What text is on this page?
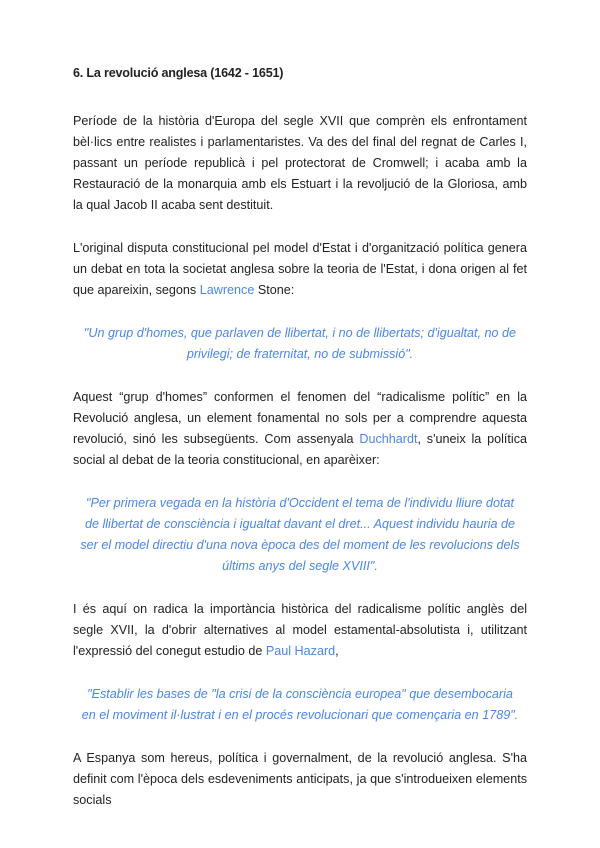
6. La revolució anglesa (1642 - 1651)

Període de la història d'Europa del segle XVII que comprèn els enfrontament bèl·lics entre realistes i parlamentaristes. Va des del final del regnat de Carles I, passant un període republicà i pel protectorat de Cromwell; i acaba amb la Restauració de la monarquia amb els Estuart i la revoljució de la Gloriosa, amb la qual Jacob II acaba sent destituit.

L'original disputa constitucional pel model d'Estat i d'organització política genera un debat en tota la societat anglesa sobre la teoria de l'Estat, i dona origen al fet que apareixin, segons Lawrence Stone:

"Un grup d'homes, que parlaven de llibertat, i no de llibertats; d'igualtat, no de privilegi; de fraternitat, no de submissió".

Aquest “grup d'homes” conformen el fenomen del “radicalisme polític” en la Revolució anglesa, un element fonamental no sols per a comprendre aquesta revolució, sinó les subsegüents. Com assenyala Duchhardt, s'uneix la política social al debat de la teoria constitucional, en aparèixer:

"Per primera vegada en la història d'Occident el tema de l'individu lliure dotat de llibertat de consciència i igualtat davant el dret... Aquest individu hauria de ser el model directiu d'una nova època des del moment de les revolucions dels últims anys del segle XVIII".

I és aquí on radica la importància històrica del radicalisme polític anglès del segle XVII, la d'obrir alternatives al model estamental-absolutista i, utilitzant l'expressió del conegut estudio de Paul Hazard,

"Establir les bases de "la crisi de la consciència europea" que desembocaria en el moviment il·lustrat i en el procés revolucionari que començaria en 1789".

A Espanya som hereus, política i governalment, de la revolució anglesa. S'ha definit com l'època dels esdeveniments anticipats, ja que s'introdueixen elements socials
